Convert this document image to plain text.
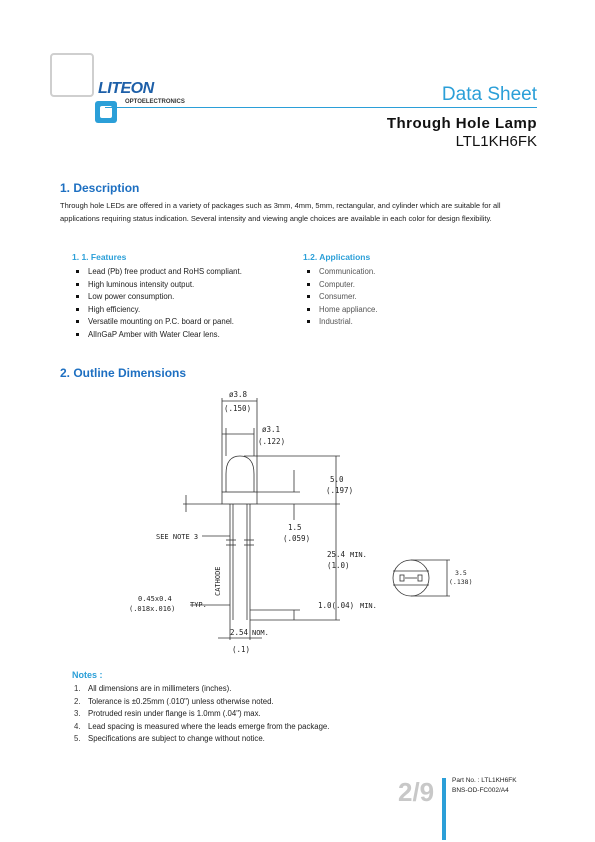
LITEON
OPTOELECTRONICS	Data Sheet
Through Hole Lamp
LTL1KH6FK
1. Description
Through hole LEDs are offered in a variety of packages such as 3mm, 4mm, 5mm, rectangular, and cylinder which are suitable for all applications requiring status indication. Several intensity and viewing angle choices are available in each color for design flexibility.
1. 1. Features
Lead (Pb) free product and RoHS compliant.
High luminous intensity output.
Low power consumption.
High efficiency.
Versatile mounting on P.C. board or panel.
AlInGaP Amber with Water Clear lens.
1.2. Applications
Communication.
Computer.
Consumer.
Home appliance.
Industrial.
2. Outline Dimensions
ø3.8
(.150)
ø3.1
(.122)
5.0
(.197)
1.5
(.059)
SEE NOTE 3
25.4 MIN.
(1.0)
CATHODE
0.45x0.4
(.018x.016) TYP.	1.0(.04) MIN.
2.54 NOM.
(.1)
3.5
(.138)
Notes :
1. All dimensions are in millimeters (inches).
2. Tolerance is ±0.25mm (.010") unless otherwise noted.
3. Protruded resin under flange is 1.0mm (.04") max.
4. Lead spacing is measured where the leads emerge from the package.
5. Specifications are subject to change without notice.
2/9	Part No. : LTL1KH6FK
BNS-OD-FC002/A4
